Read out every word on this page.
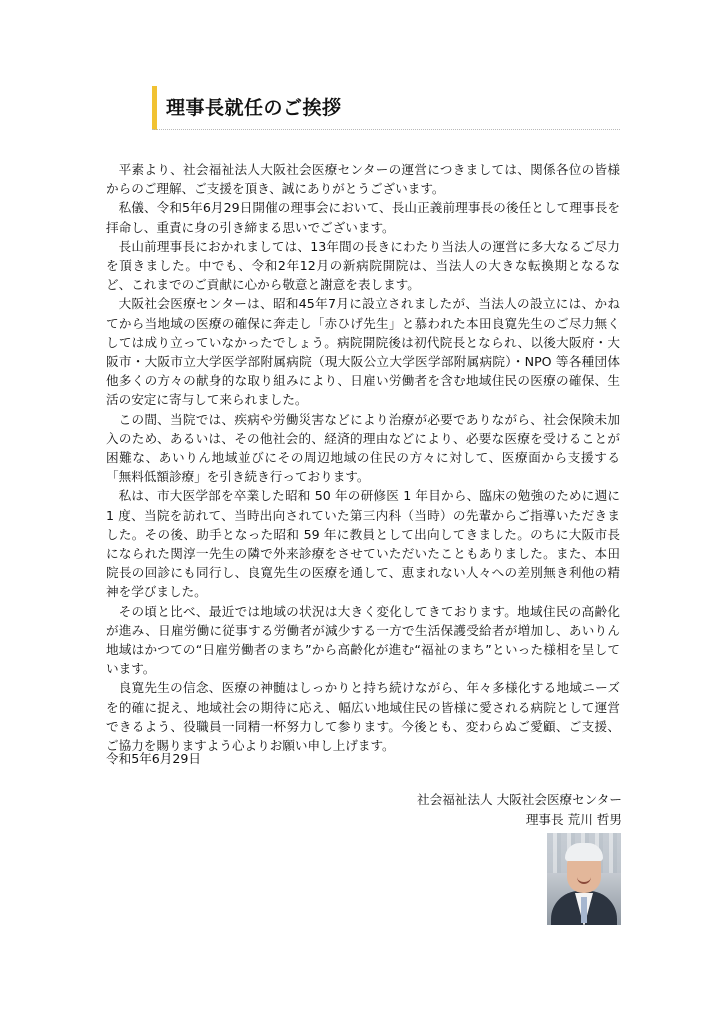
理事長就任のご挨拶

平素より、社会福祉法人大阪社会医療センターの運営につきましては、関係各位の皆様からのご理解、ご支援を頂き、誠にありがとうございます。

私儀、令和5年6月29日開催の理事会において、長山正義前理事長の後任として理事長を拝命し、重責に身の引き締まる思いでございます。

長山前理事長におかれましては、13年間の長きにわたり当法人の運営に多大なるご尽力を頂きました。中でも、令和2年12月の新病院開院は、当法人の大きな転換期となるなど、これまでのご貢献に心から敬意と謝意を表します。

大阪社会医療センターは、昭和45年7月に設立されましたが、当法人の設立には、かねてから当地域の医療の確保に奔走し「赤ひげ先生」と慕われた本田良寛先生のご尽力無くしては成り立っていなかったでしょう。病院開院後は初代院長となられ、以後大阪府・大阪市・大阪市立大学医学部附属病院（現大阪公立大学医学部附属病院）・NPO 等各種団体他多くの方々の献身的な取り組みにより、日雇い労働者を含む地域住民の医療の確保、生活の安定に寄与して来られました。

この間、当院では、疾病や労働災害などにより治療が必要でありながら、社会保険未加入のため、あるいは、その他社会的、経済的理由などにより、必要な医療を受けることが困難な、あいりん地域並びにその周辺地域の住民の方々に対して、医療面から支援する「無料低額診療」を引き続き行っております。

私は、市大医学部を卒業した昭和 50 年の研修医 1 年目から、臨床の勉強のために週に 1 度、当院を訪れて、当時出向されていた第三内科（当時）の先輩からご指導いただきました。その後、助手となった昭和 59 年に教員として出向してきました。のちに大阪市長になられた関淳一先生の隣で外来診療をさせていただいたこともありました。また、本田院長の回診にも同行し、良寛先生の医療を通して、恵まれない人々への差別無き利他の精神を学びました。

その頃と比べ、最近では地域の状況は大きく変化してきております。地域住民の高齢化が進み、日雇労働に従事する労働者が減少する一方で生活保護受給者が増加し、あいりん地域はかつての“日雇労働者のまち”から高齢化が進む“福祉のまち”といった様相を呈しています。

良寛先生の信念、医療の神髄はしっかりと持ち続けながら、年々多様化する地域ニーズを的確に捉え、地域社会の期待に応え、幅広い地域住民の皆様に愛される病院として運営できるよう、役職員一同精一杯努力して参ります。今後とも、変わらぬご愛顧、ご支援、ご協力を賜りますよう心よりお願い申し上げます。

令和5年6月29日
社会福祉法人 大阪社会医療センター
理事長 荒川 哲男
